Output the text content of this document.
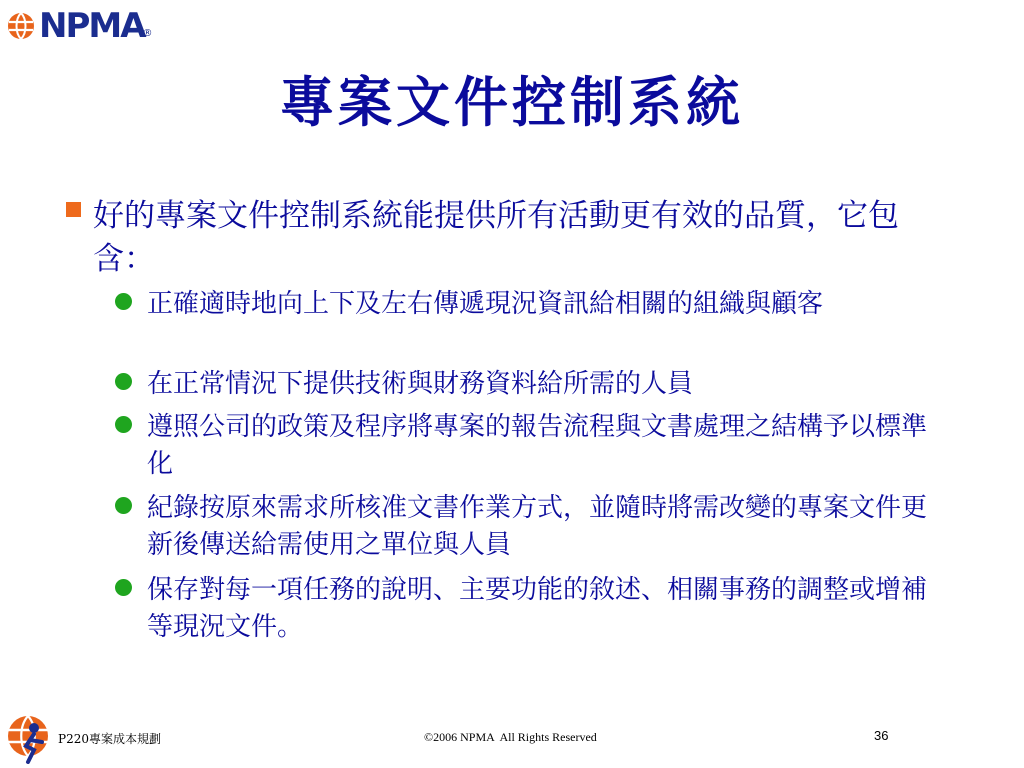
NPMA
®
專案文件控制系統
好的專案文件控制系統能提供所有活動更有效的品質，它包含：
正確適時地向上下及左右傳遞現況資訊給相關的組織與顧客
在正常情況下提供技術與財務資料給所需的人員
遵照公司的政策及程序將專案的報告流程與文書處理之結構予以標準化
紀錄按原來需求所核准文書作業方式，並隨時將需改變的專案文件更新後傳送給需使用之單位與人員
保存對每一項任務的說明、主要功能的敘述、相關事務的調整或增補等現況文件。
P220專案成本規劃	©2006 NPMA  All Rights Reserved	36
